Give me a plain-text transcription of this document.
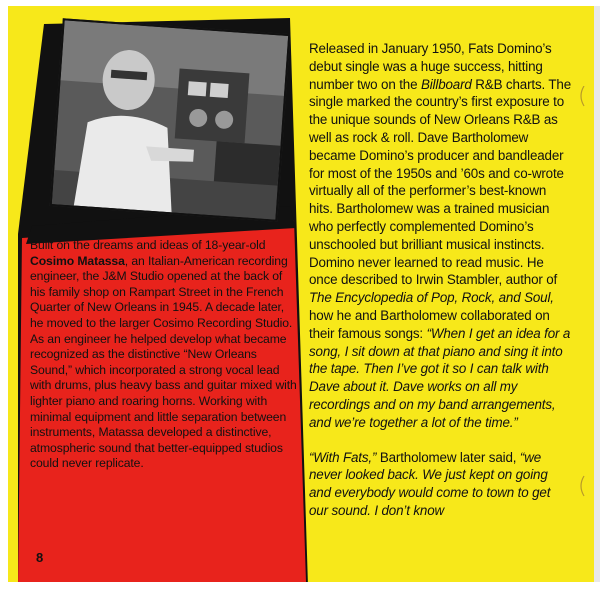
Built on the dreams and ideas of 18-year-old Cosimo Matassa, an Italian-American recording engineer, the J&M Studio opened at the back of his family shop on Rampart Street in the French Quarter of New Orleans in 1945. A decade later, he moved to the larger Cosimo Recording Studio. As an engineer he helped develop what became recognized as the distinctive “New Orleans Sound,” which incorporated a strong vocal lead with drums, plus heavy bass and guitar mixed with lighter piano and roaring horns. Working with minimal equipment and little separation between instruments, Matassa developed a distinctive, atmospheric sound that better-equipped studios could never replicate.

Released in January 1950, Fats Domino’s debut single was a huge success, hitting number two on the Billboard R&B charts. The single marked the country’s first exposure to the unique sounds of New Orleans R&B as well as rock & roll. Dave Bartholomew became Domino’s producer and bandleader for most of the 1950s and ’60s and co-wrote virtually all of the performer’s best-known hits. Bartholomew was a trained musician who perfectly complemented Domino’s unschooled but brilliant musical instincts. Domino never learned to read music. He once described to Irwin Stambler, author of The Encyclopedia of Pop, Rock, and Soul, how he and Bartholomew collaborated on their famous songs: “When I get an idea for a song, I sit down at that piano and sing it into the tape. Then I’ve got it so I can talk with Dave about it. Dave works on all my recordings and on my band arrangements, and we’re together a lot of the time.”

“With Fats,” Bartholomew later said, “we never looked back. We just kept on going and everybody would come to town to get our sound. I don’t know

8
